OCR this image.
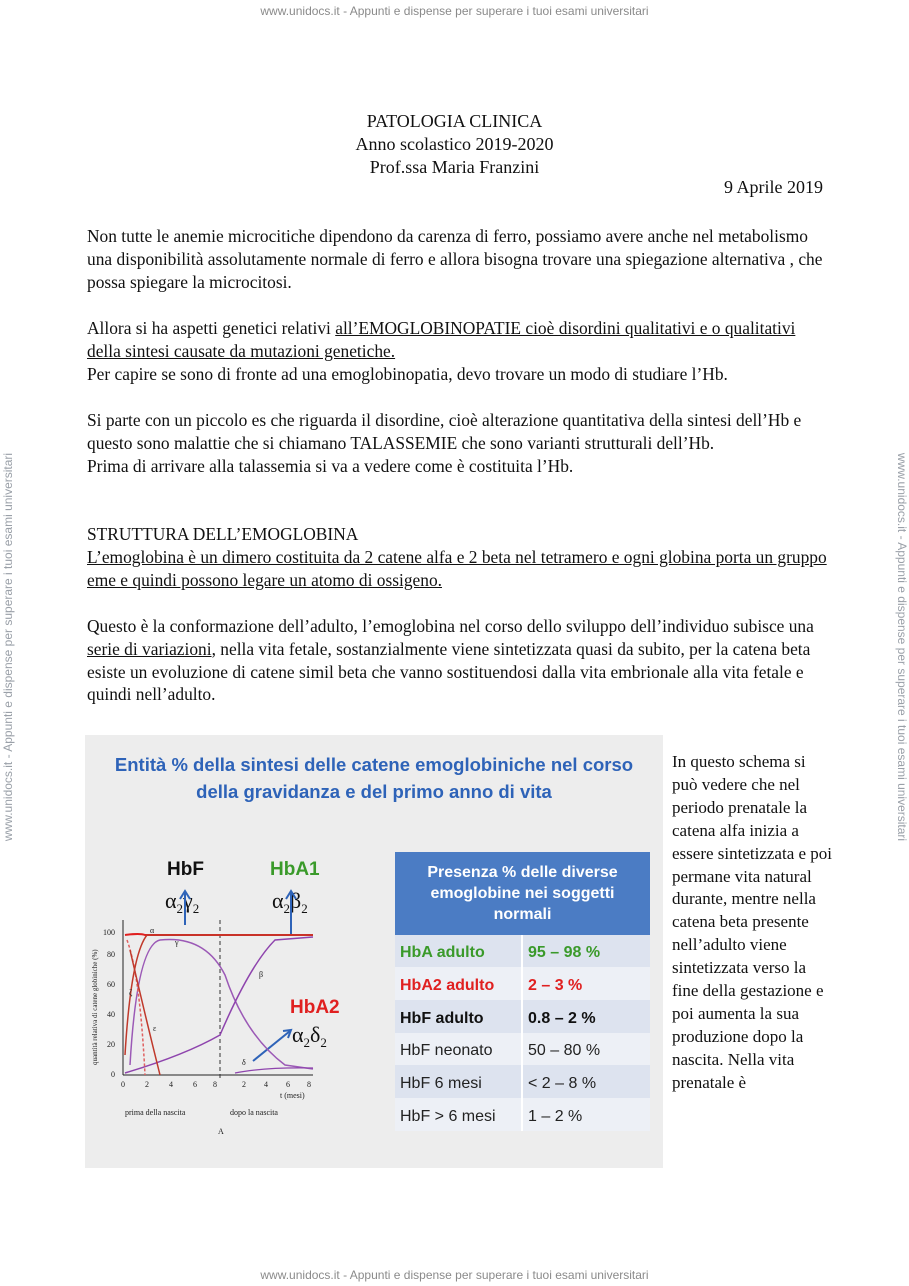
www.unidocs.it - Appunti e dispense per superare i tuoi esami universitari
www.unidocs.it - Appunti e dispense per superare i tuoi esami universitari	www.unidocs.it - Appunti e dispense per superare i tuoi esami universitari
PATOLOGIA CLINICA
Anno scolastico 2019-2020
Prof.ssa Maria Franzini
9 Aprile 2019
Non tutte le anemie microcitiche dipendono da carenza di ferro, possiamo avere anche nel metabolismo una disponibilità assolutamente normale di ferro e allora bisogna trovare una spiegazione alternativa , che possa spiegare la microcitosi.
Allora si ha aspetti genetici relativi all’EMOGLOBINOPATIE cioè disordini qualitativi e o qualitativi della sintesi causate da mutazioni genetiche.
Per capire se sono di fronte ad una emoglobinopatia, devo trovare un modo di studiare l’Hb.
Si parte con un piccolo es che riguarda il disordine, cioè alterazione quantitativa della sintesi dell’Hb e questo sono malattie che si chiamano TALASSEMIE che sono varianti strutturali dell’Hb.
Prima di arrivare alla talassemia si va a vedere come è costituita l’Hb.
STRUTTURA DELL’EMOGLOBINA
L’emoglobina è un dimero costituita da 2 catene alfa e 2 beta nel tetramero e ogni globina porta un gruppo eme e quindi possono legare un atomo di ossigeno.
Questo è la conformazione dell’adulto, l’emoglobina nel corso dello sviluppo dell’individuo subisce una serie di variazioni, nella vita fetale, sostanzialmente viene sintetizzata quasi da subito, per la catena beta esiste un evoluzione di catene simil beta che vanno sostituendosi dalla vita embrionale alla vita fetale e quindi nell’adulto.
Entità % della sintesi delle catene emoglobiniche nel corso
della gravidanza e del primo anno di vita
HbF	HbA1
HbA2
$\alpha_2\gamma_2$	$\alpha_2\beta_2$
$\alpha_2\delta_2$
0
20
40
60
80
100
0	2	4	6 8	2 4 6 8
t (mesi)
prima della nascita	dopo la nascita
A
quantità relativa di catene globiniche (%)
α
γ
β
ζ
ε
δ
Presenza % delle diverse emoglobine nei soggetti normali
HbA adulto	95 – 98 %
HbA2 adulto 2 – 3 %
HbF adulto	0.8 – 2 %
HbF neonato 50 – 80 %
HbF 6 mesi	< 2 – 8 %
HbF > 6 mesi 1 – 2 %
In questo schema si può vedere che nel periodo prenatale la catena alfa inizia a essere sintetizzata e poi permane vita natural durante, mentre nella catena beta presente nell’adulto viene sintetizzata verso la fine della gestazione e poi aumenta la sua produzione dopo la nascita. Nella vita prenatale è
www.unidocs.it - Appunti e dispense per superare i tuoi esami universitari
